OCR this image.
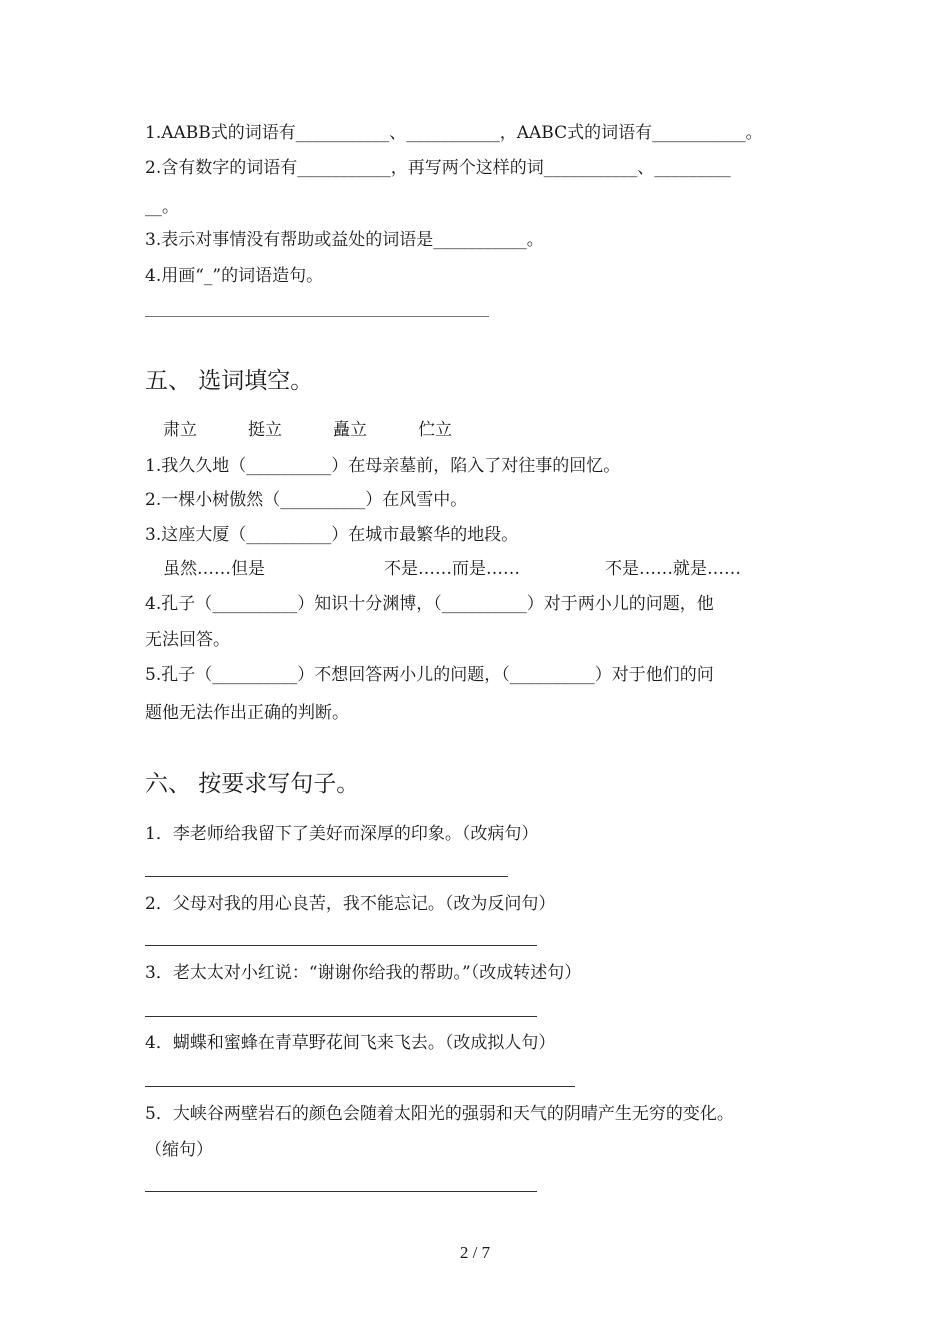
1.AABB式的词语有___________、___________，AABC式的词语有___________。
2.含有数字的词语有___________，再写两个这样的词___________、_________
__。
3.表示对事情没有帮助或益处的词语是___________。
4.用画“_”的词语造句。
五、 选词填空。
肃立　　　挺立　　　矗立　　　伫立
1.我久久地（__________）在母亲墓前，陷入了对往事的回忆。
2.一棵小树傲然（__________）在风雪中。
3.这座大厦（__________）在城市最繁华的地段。
虽然……但是　　　　　　　不是……而是……　　　　　不是……就是……
4.孔子（__________）知识十分渊博，（__________）对于两小儿的问题，他
无法回答。
5.孔子（__________）不想回答两小儿的问题，（__________）对于他们的问
题他无法作出正确的判断。
六、 按要求写句子。
1．李老师给我留下了美好而深厚的印象。（改病句）
2．父母对我的用心良苦，我不能忘记。（改为反问句）
3．老太太对小红说：“谢谢你给我的帮助。”（改成转述句）
4．蝴蝶和蜜蜂在青草野花间飞来飞去。（改成拟人句）
5．大峡谷两壁岩石的颜色会随着太阳光的强弱和天气的阴晴产生无穷的变化。
（缩句）
2 / 7
